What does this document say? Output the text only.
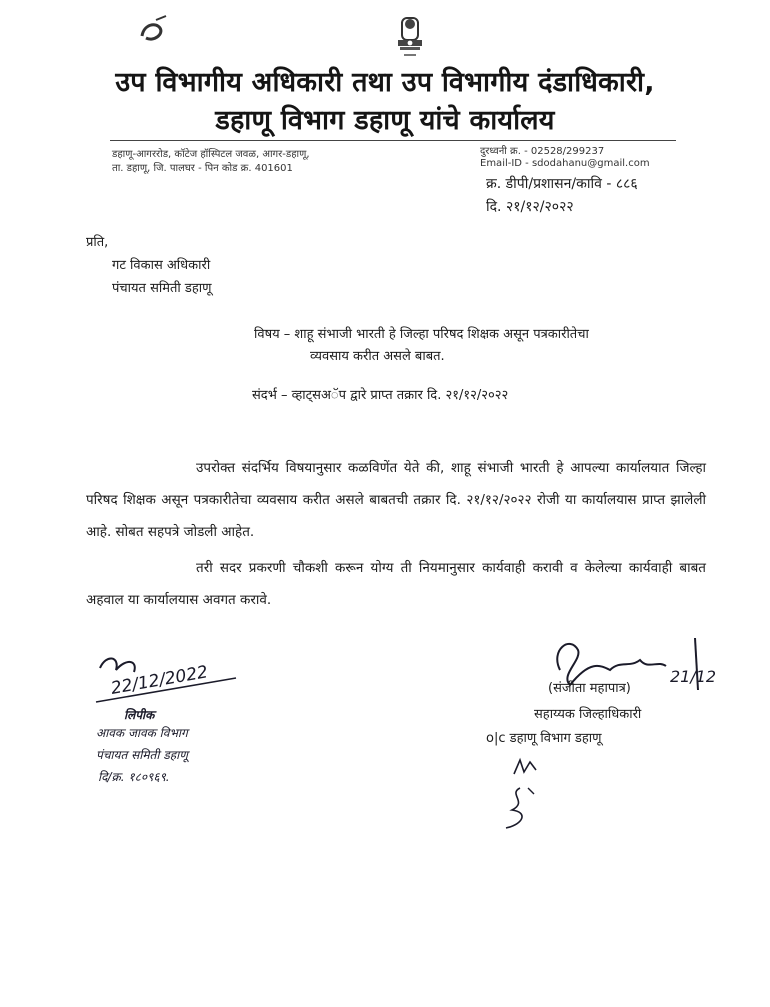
उप विभागीय अधिकारी तथा उप विभागीय दंडाधिकारी,
डहाणू विभाग डहाणू यांचे कार्यालय
डहाणू-आगररोड, कॉटेज हॉस्पिटल जवळ, आगर-डहाणू,
ता. डहाणू, जि. पालघर - पिन कोड क्र. 401601
दुरध्वनी क्र. - 02528/299237
Email-ID - sdodahanu@gmail.com
क्र. डीपी/प्रशासन/कावि - ८८६
दि. २१/१२/२०२२
प्रति,
गट विकास अधिकारी
पंचायत समिती डहाणू
विषय – शाहू संभाजी भारती हे जिल्हा परिषद शिक्षक असून पत्रकारीतेचा
व्यवसाय करीत असले बाबत.
संदर्भ – व्हाट्सअॅप द्वारे प्राप्त तक्रार दि. २१/१२/२०२२
उपरोक्त संदर्भिय विषयानुसार कळविणेंत येते की, शाहू संभाजी भारती हे आपल्या कार्यालयात जिल्हा परिषद शिक्षक असून पत्रकारीतेचा व्यवसाय करीत असले बाबतची तक्रार दि. २१/१२/२०२२ रोजी या कार्यालयास प्राप्त झालेली आहे. सोबत सहपत्रे जोडली आहेत.
तरी सदर प्रकरणी चौकशी करून योग्य ती नियमानुसार कार्यवाही करावी व केलेल्या कार्यवाही बाबत अहवाल या कार्यालयास अवगत करावे.
21/12
(संजीता महापात्र)
सहाय्यक जिल्हाधिकारी
o|c डहाणू विभाग डहाणू
22/12/2022
लिपीक
आवक जावक विभाग
पंचायत समिती डहाणू
दि/क्र. १८०९६९.
